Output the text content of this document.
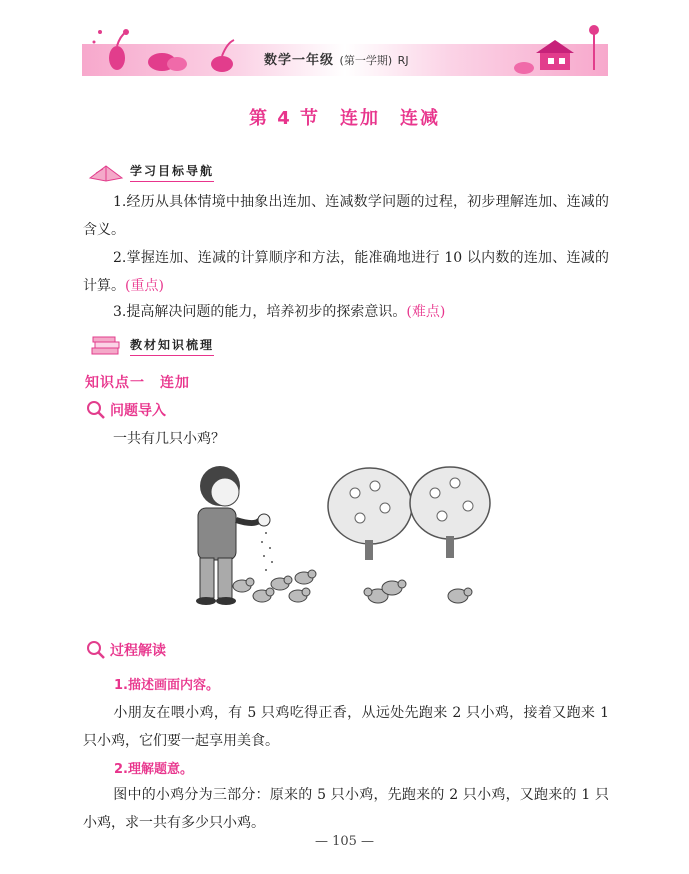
数学一年级 (第一学期) RJ
第 4 节　连加　连减
学习目标导航
1.经历从具体情境中抽象出连加、连减数学问题的过程，初步理解连加、连减的含义。
2.掌握连加、连减的计算顺序和方法，能准确地进行 10 以内数的连加、连减的计算。(重点)
3.提高解决问题的能力，培养初步的探索意识。(难点)
教材知识梳理
知识点一　连加
问题导入
一共有几只小鸡？
过程解读
1.描述画面内容。
小朋友在喂小鸡，有 5 只鸡吃得正香，从远处先跑来 2 只小鸡，接着又跑来 1 只小鸡，它们要一起享用美食。
2.理解题意。
图中的小鸡分为三部分：原来的 5 只小鸡，先跑来的 2 只小鸡，又跑来的 1 只小鸡，求一共有多少只小鸡。
— 105 —
